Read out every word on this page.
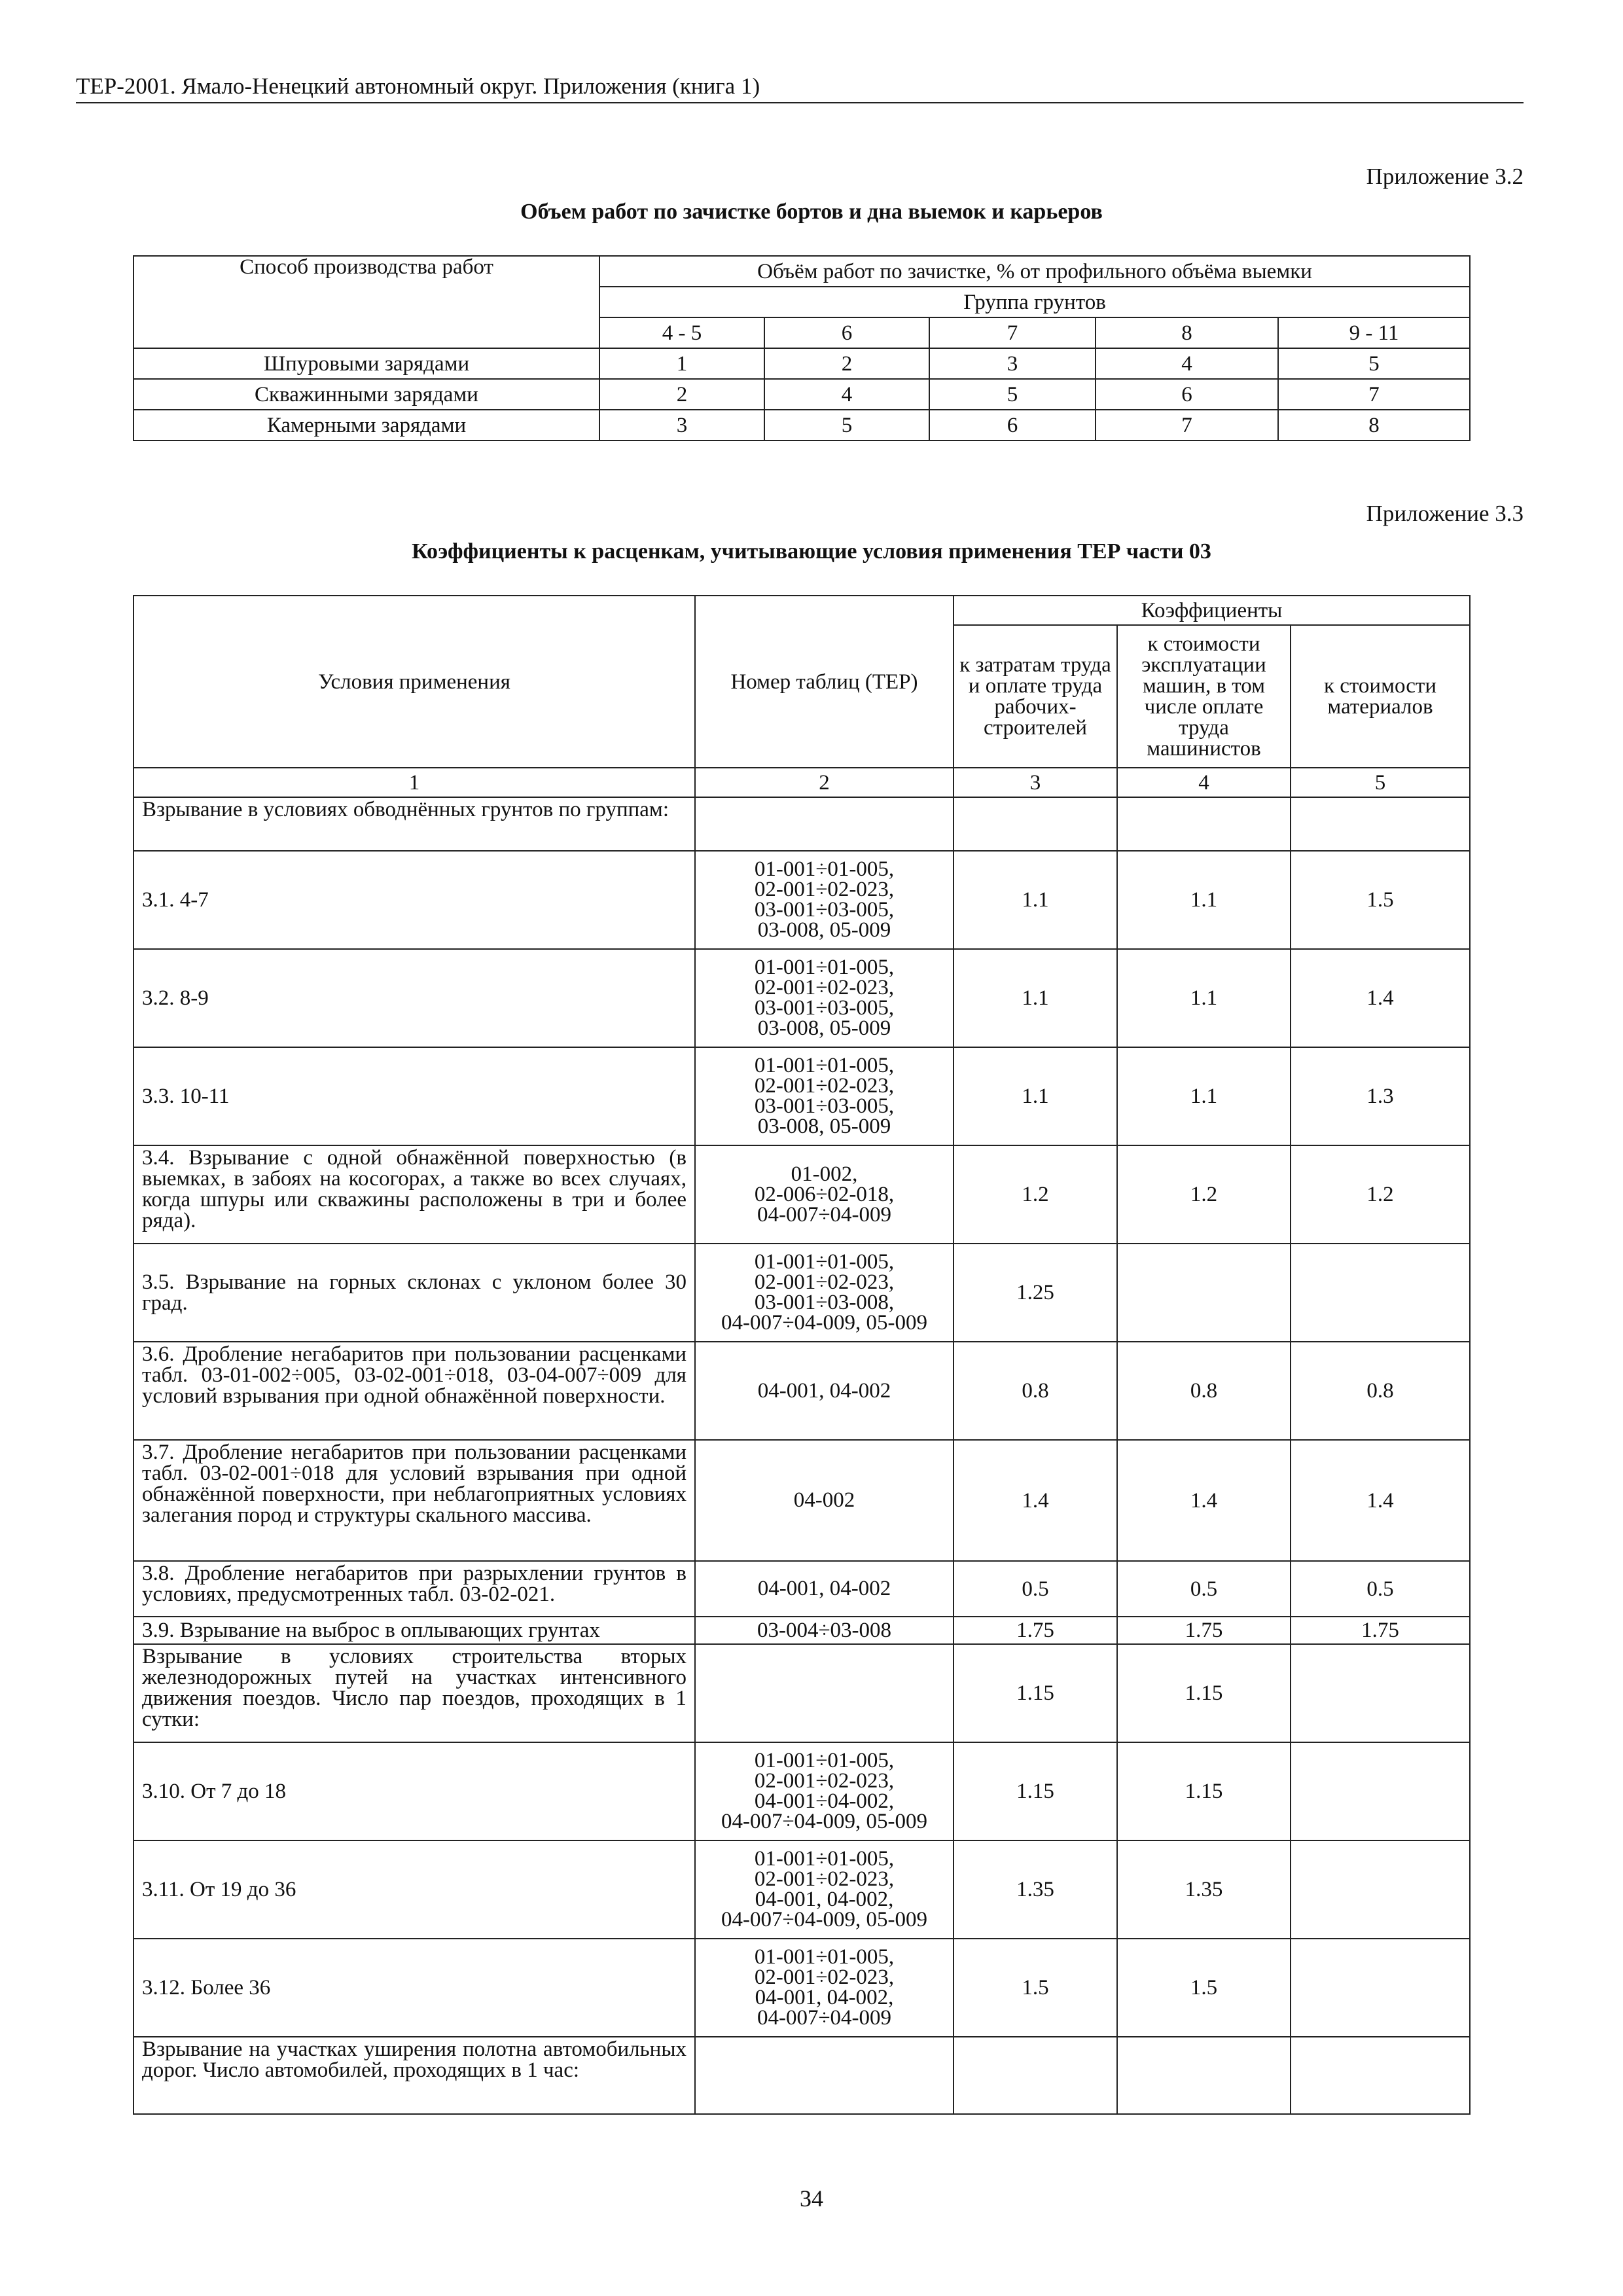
ТЕР-2001. Ямало-Ненецкий автономный округ. Приложения (книга 1)
Приложение 3.2
Объем работ по зачистке бортов и дна выемок и карьеров
Способ производства работ	Объём работ по зачистке, % от профильного объёма выемки				
	Группа грунтов				
	4 - 5	6	7	8	9 - 11
Шпуровыми зарядами	1	2	3	4	5
Скважинными зарядами	2	4	5	6	7
Камерными зарядами	3	5	6	7	8
Приложение 3.3
Коэффициенты к расценкам, учитывающие условия применения ТЕР части 03
Условия применения	Номер таблиц (ТЕР)	Коэффициенты		
		к затратам труда и оплате труда рабочих-строителей	к стоимости эксплуатации машин, в том числе оплате труда машинистов	к стоимости материалов
1	2	3	4	5
Взрывание в условиях обводнённых грунтов по группам:				
3.1. 4-7	01-001÷01-005,
02-001÷02-023,
03-001÷03-005,
03-008, 05-009	1.1	1.1	1.5
3.2. 8-9	01-001÷01-005,
02-001÷02-023,
03-001÷03-005,
03-008, 05-009	1.1	1.1	1.4
3.3. 10-11	01-001÷01-005,
02-001÷02-023,
03-001÷03-005,
03-008, 05-009	1.1	1.1	1.3
3.4. Взрывание с одной обнажённой поверхностью (в выемках, в забоях на косогорах, а также во всех случаях, когда шпуры или скважины расположены в три и более ряда).	01-002,
02-006÷02-018,
04-007÷04-009	1.2	1.2	1.2
3.5. Взрывание на горных склонах с уклоном более 30 град.	01-001÷01-005,
02-001÷02-023,
03-001÷03-008,
04-007÷04-009, 05-009	1.25		
3.6. Дробление негабаритов при пользовании расценками табл. 03-01-002÷005, 03-02-001÷018, 03-04-007÷009 для условий взрывания при одной обнажённой поверхности.	04-001, 04-002	0.8	0.8	0.8
3.7. Дробление негабаритов при пользовании расценками табл. 03-02-001÷018 для условий взрывания при одной обнажённой поверхности, при неблагоприятных условиях залегания пород и структуры скального массива.	04-002	1.4	1.4	1.4
3.8. Дробление негабаритов при разрыхлении грунтов в условиях, предусмотренных табл. 03-02-021.	04-001, 04-002	0.5	0.5	0.5
3.9. Взрывание на выброс в оплывающих грунтах	03-004÷03-008	1.75	1.75	1.75
Взрывание в условиях строительства вторых железнодорожных путей на участках интенсивного движения поездов. Число пар поездов, проходящих в 1 сутки:		1.15	1.15	
3.10. От 7 до 18	01-001÷01-005,
02-001÷02-023,
04-001÷04-002,
04-007÷04-009, 05-009	1.15	1.15	
3.11. От 19 до 36	01-001÷01-005,
02-001÷02-023,
04-001, 04-002,
04-007÷04-009, 05-009	1.35	1.35	
3.12. Более 36	01-001÷01-005,
02-001÷02-023,
04-001, 04-002,
04-007÷04-009	1.5	1.5	
Взрывание на участках уширения полотна автомобильных дорог. Число автомобилей, проходящих в 1 час:				
34
